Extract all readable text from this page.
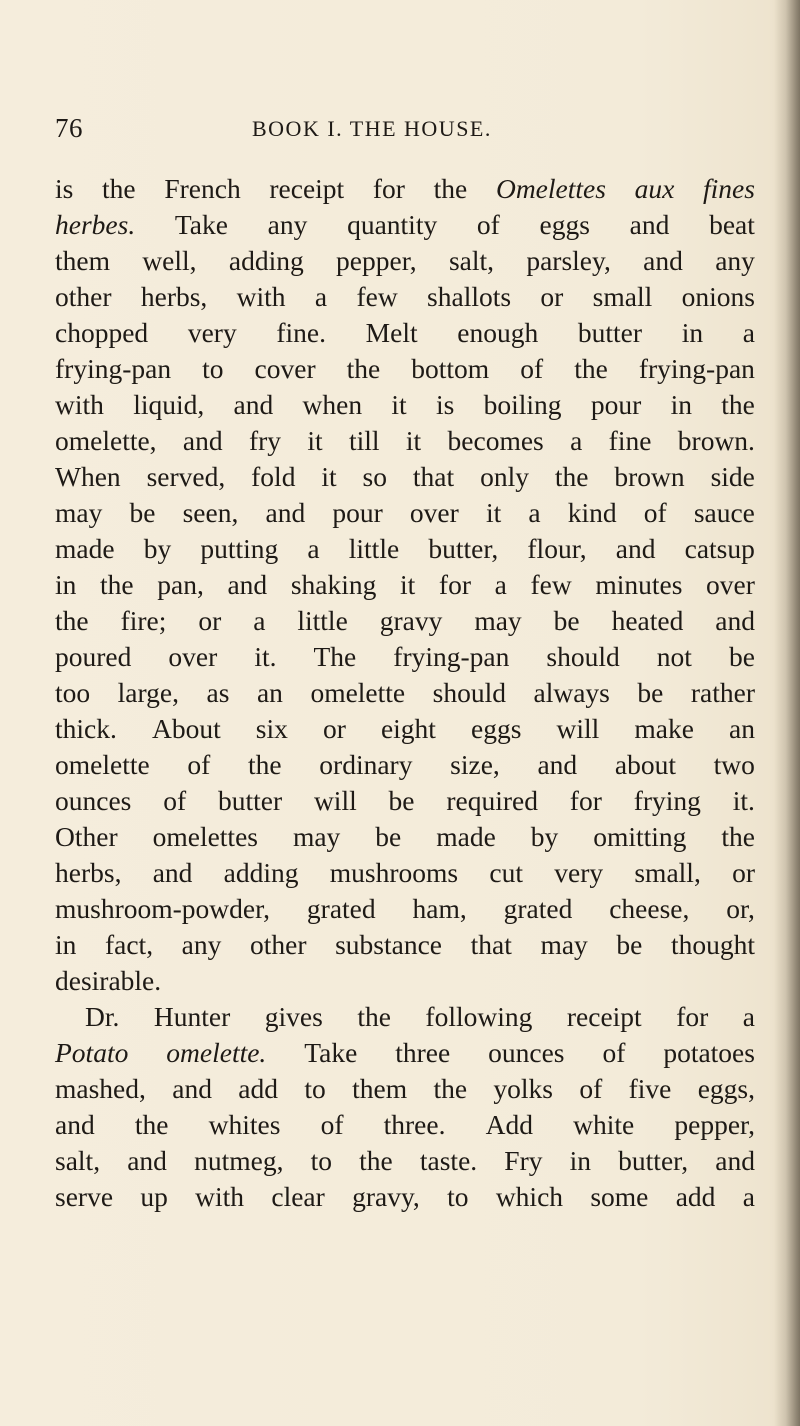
76	BOOK I. THE HOUSE.
is the French receipt for the Omelettes aux fines
herbes. Take any quantity of eggs and beat
them well, adding pepper, salt, parsley, and any
other herbs, with a few shallots or small onions
chopped very fine. Melt enough butter in a
frying-pan to cover the bottom of the frying-pan
with liquid, and when it is boiling pour in the
omelette, and fry it till it becomes a fine brown.
When served, fold it so that only the brown side
may be seen, and pour over it a kind of sauce
made by putting a little butter, flour, and catsup
in the pan, and shaking it for a few minutes over
the fire; or a little gravy may be heated and
poured over it. The frying-pan should not be
too large, as an omelette should always be rather
thick. About six or eight eggs will make an
omelette of the ordinary size, and about two
ounces of butter will be required for frying it.
Other omelettes may be made by omitting the
herbs, and adding mushrooms cut very small, or
mushroom-powder, grated ham, grated cheese, or,
in fact, any other substance that may be thought
desirable.
Dr. Hunter gives the following receipt for a
Potato omelette. Take three ounces of potatoes
mashed, and add to them the yolks of five eggs,
and the whites of three. Add white pepper,
salt, and nutmeg, to the taste. Fry in butter, and
serve up with clear gravy, to which some add a
